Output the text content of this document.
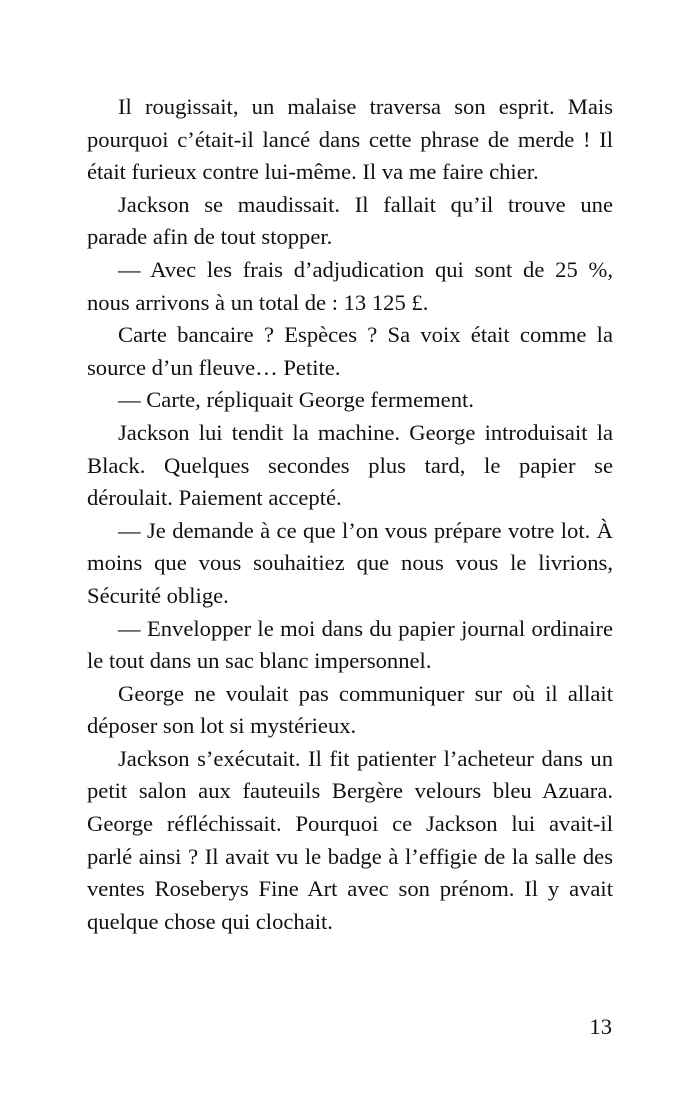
Il rougissait, un malaise traversa son esprit. Mais pourquoi c’était-il lancé dans cette phrase de merde ! Il était furieux contre lui-même. Il va me faire chier.

Jackson se maudissait. Il fallait qu’il trouve une parade afin de tout stopper.

— Avec les frais d’adjudication qui sont de 25 %, nous arrivons à un total de : 13 125 £.

Carte bancaire ? Espèces ? Sa voix était comme la source d’un fleuve… Petite.

— Carte, répliquait George fermement.

Jackson lui tendit la machine. George introduisait la Black. Quelques secondes plus tard, le papier se déroulait. Paiement accepté.

— Je demande à ce que l’on vous prépare votre lot. À moins que vous souhaitiez que nous vous le livrions, Sécurité oblige.

— Envelopper le moi dans du papier journal ordinaire le tout dans un sac blanc impersonnel.

George ne voulait pas communiquer sur où il allait déposer son lot si mystérieux.

Jackson s’exécutait. Il fit patienter l’acheteur dans un petit salon aux fauteuils Bergère velours bleu Azuara. George réfléchissait. Pourquoi ce Jackson lui avait-il parlé ainsi ? Il avait vu le badge à l’effigie de la salle des ventes Roseberys Fine Art avec son prénom. Il y avait quelque chose qui clochait.

13
